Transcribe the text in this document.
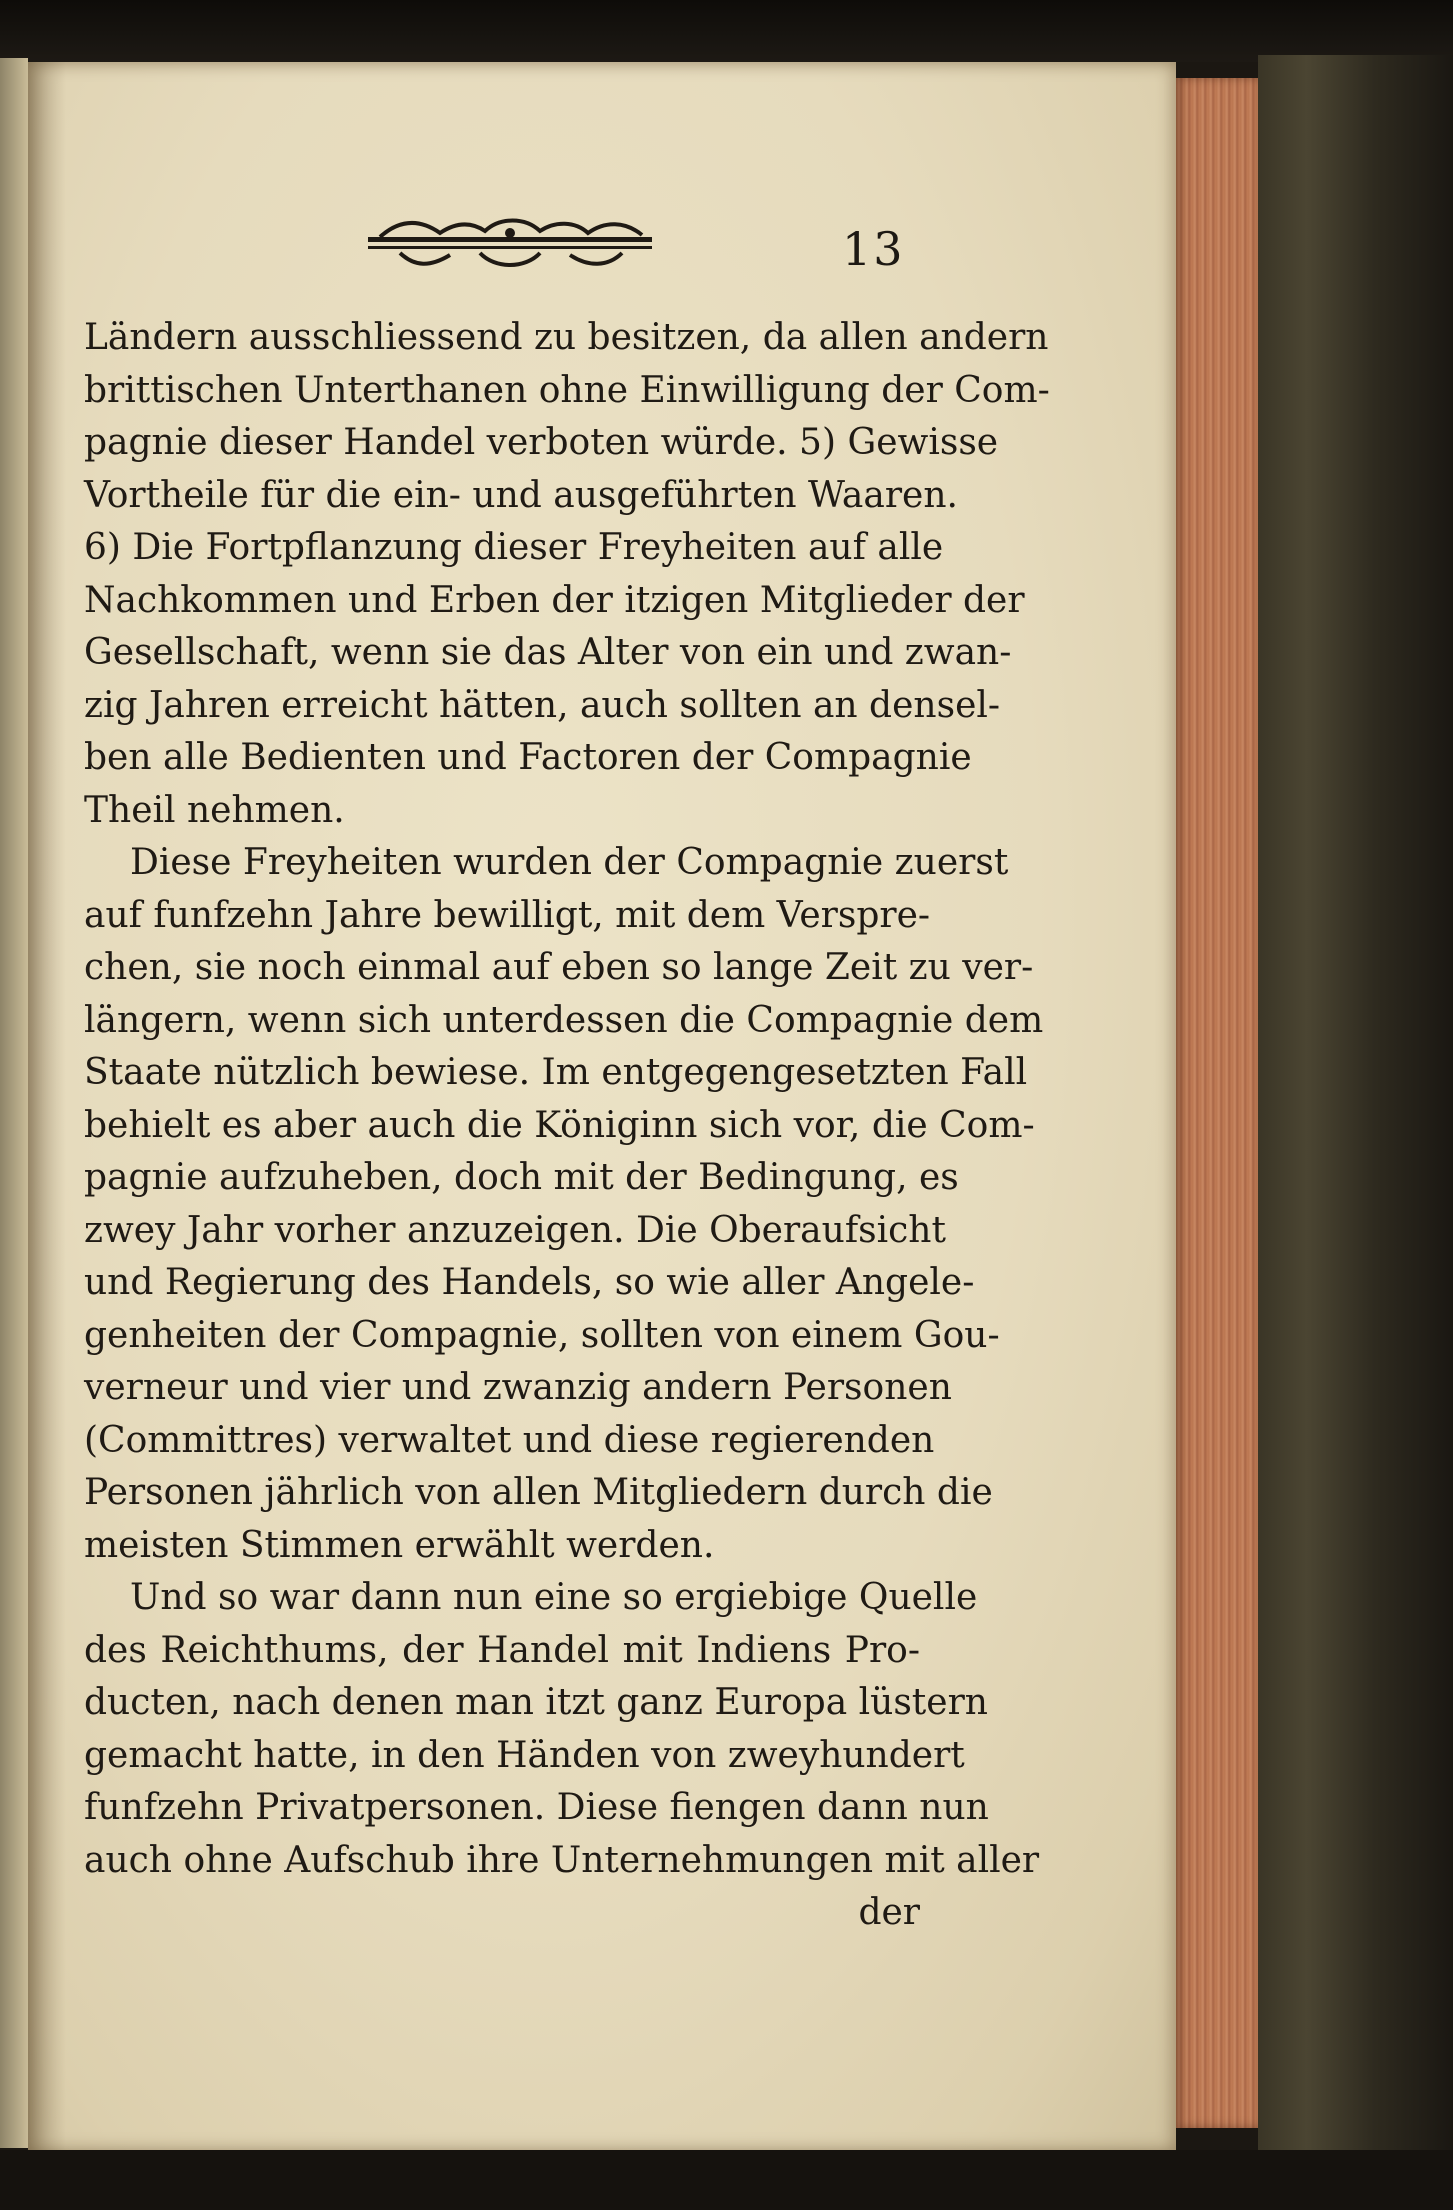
13
Ländern ausschliessend zu besitzen, da allen andern
brittischen Unterthanen ohne Einwilligung der Com-
pagnie dieser Handel verboten würde. 5) Gewisse
Vortheile für die ein- und ausgeführten Waaren.
6) Die Fortpflanzung dieser Freyheiten auf alle
Nachkommen und Erben der itzigen Mitglieder der
Gesellschaft, wenn sie das Alter von ein und zwan-
zig Jahren erreicht hätten, auch sollten an densel-
ben alle Bedienten und Factoren der Compagnie
Theil nehmen.
Diese Freyheiten wurden der Compagnie zuerst
auf funfzehn Jahre bewilligt, mit dem Verspre-
chen, sie noch einmal auf eben so lange Zeit zu ver-
längern, wenn sich unterdessen die Compagnie dem
Staate nützlich bewiese. Im entgegengesetzten Fall
behielt es aber auch die Königinn sich vor, die Com-
pagnie aufzuheben, doch mit der Bedingung, es
zwey Jahr vorher anzuzeigen. Die Oberaufsicht
und Regierung des Handels, so wie aller Angele-
genheiten der Compagnie, sollten von einem Gou-
verneur und vier und zwanzig andern Personen
(Committres) verwaltet und diese regierenden
Personen jährlich von allen Mitgliedern durch die
meisten Stimmen erwählt werden.
Und so war dann nun eine so ergiebige Quelle
des Reichthums, der Handel mit Indiens Pro-
ducten, nach denen man itzt ganz Europa lüstern
gemacht hatte, in den Händen von zweyhundert
funfzehn Privatpersonen. Diese fiengen dann nun
auch ohne Aufschub ihre Unternehmungen mit aller
der
